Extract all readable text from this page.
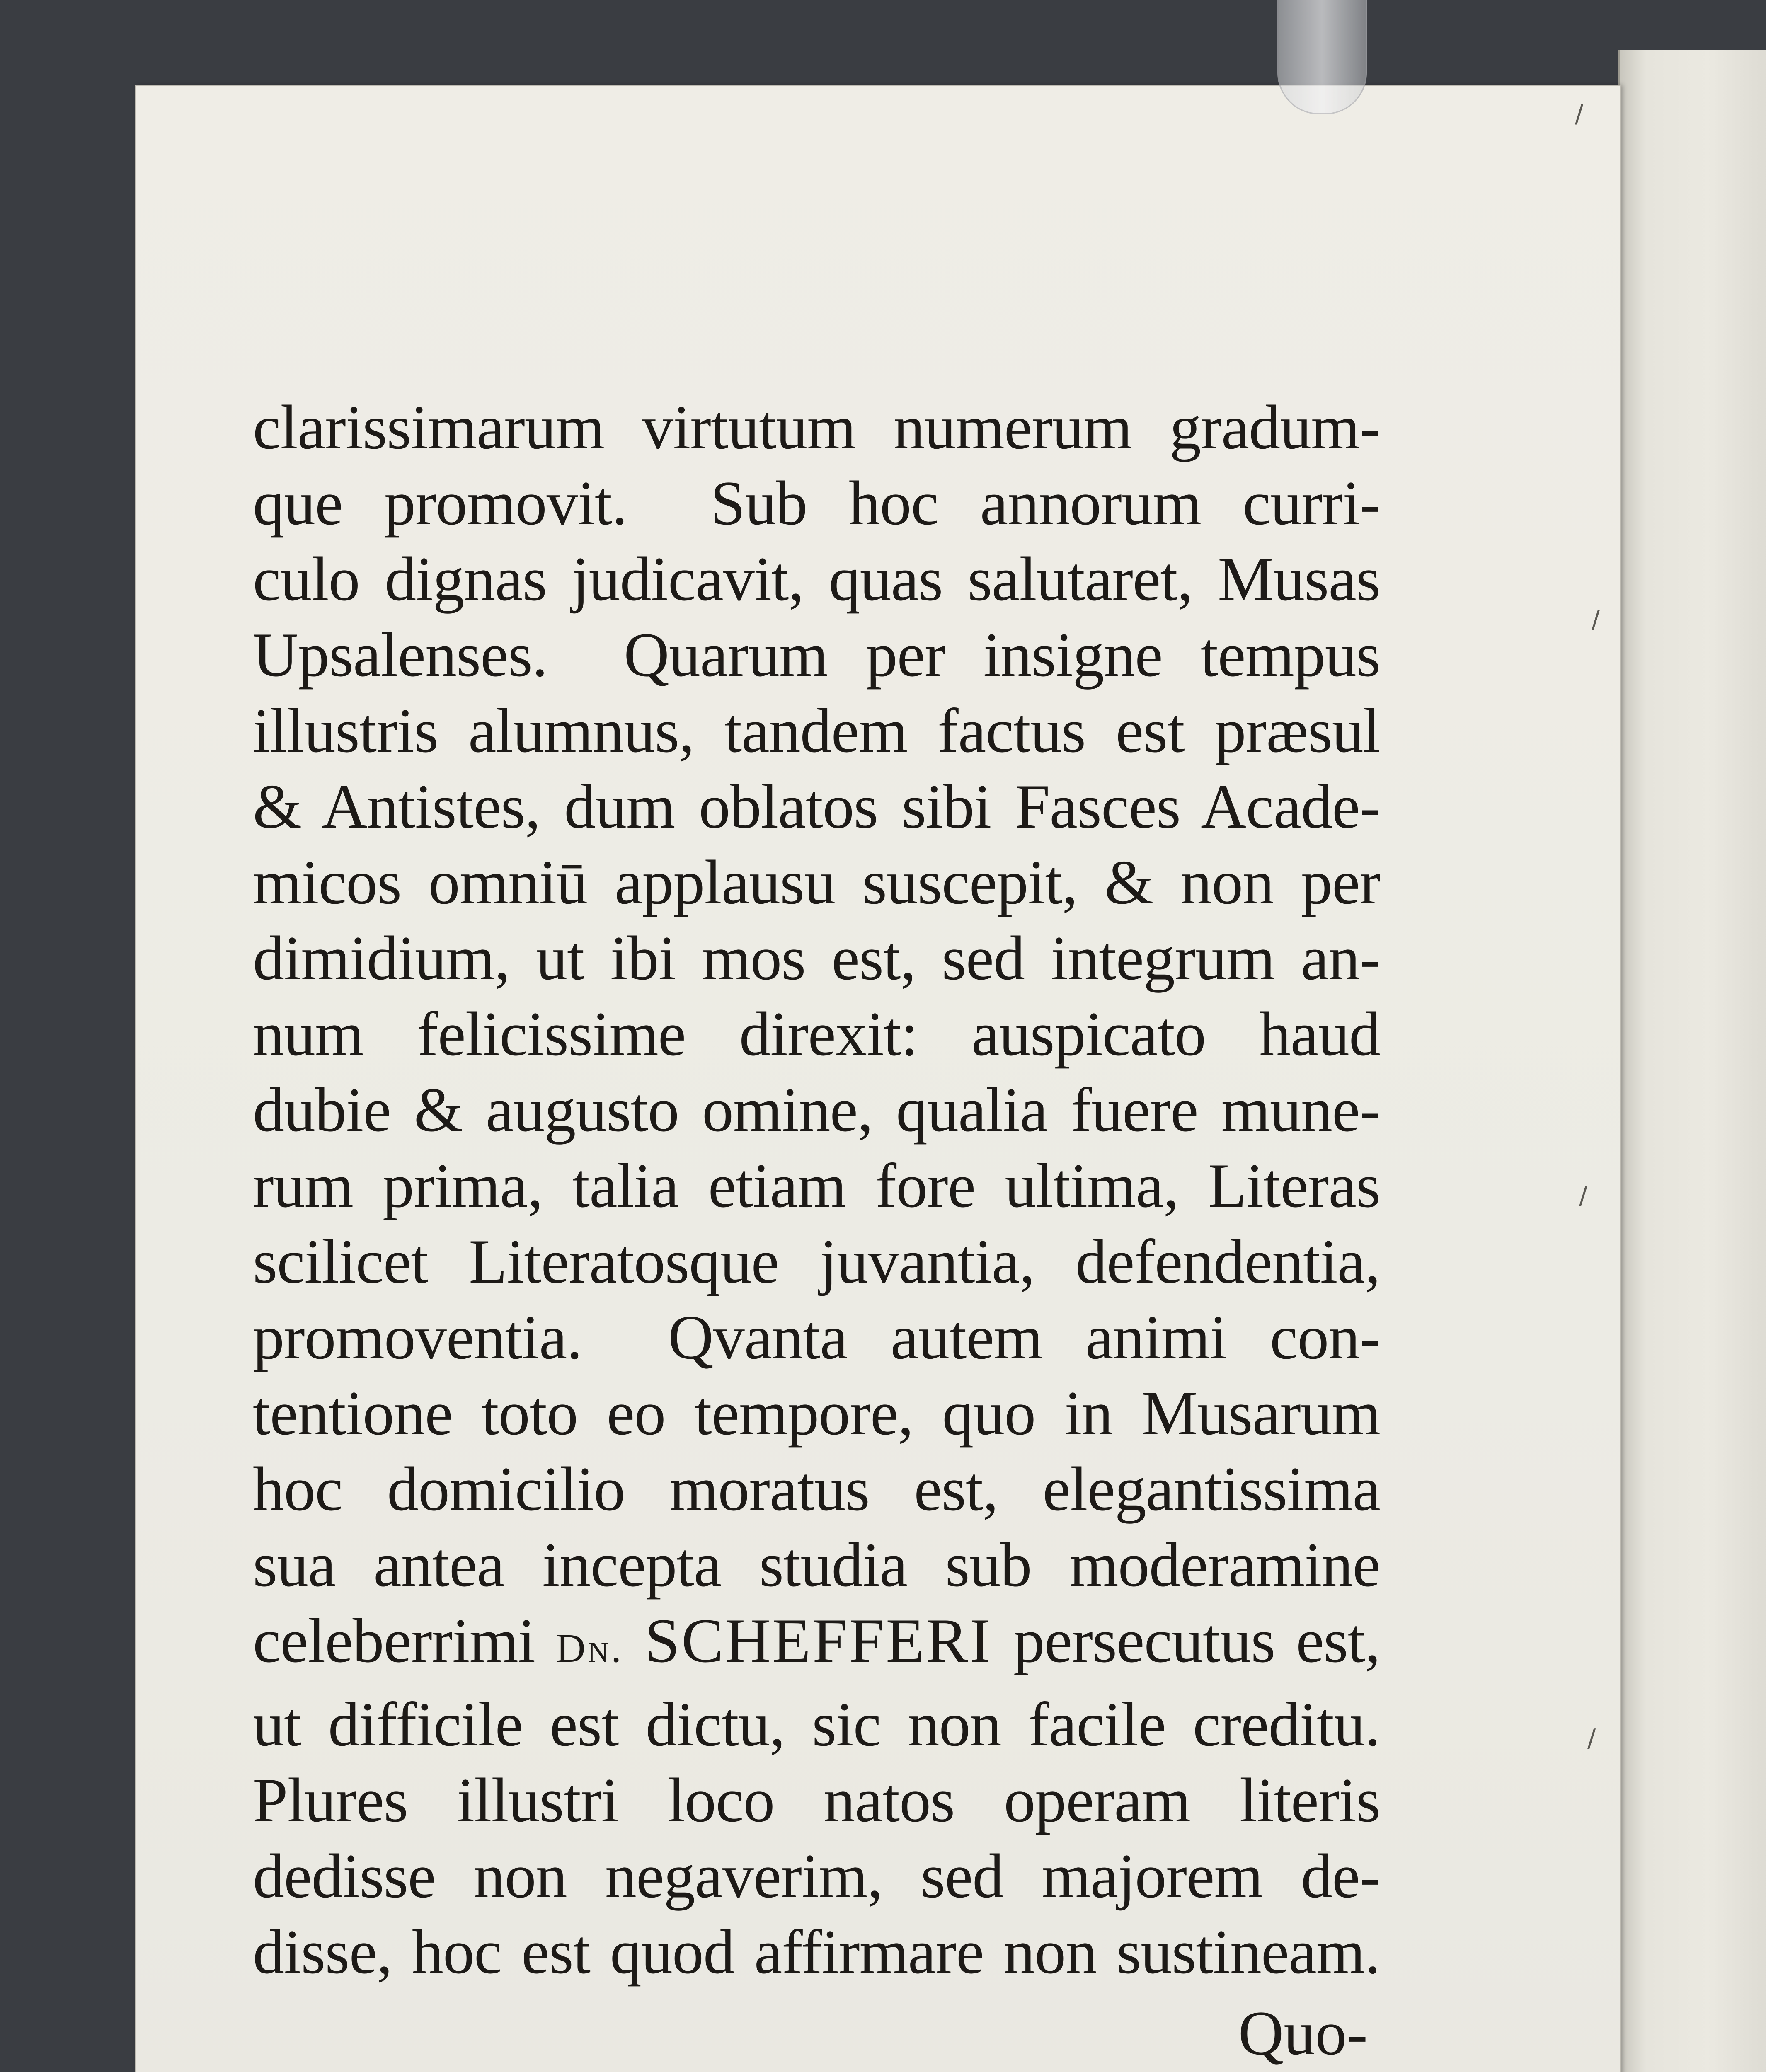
clarissimarum virtutum numerum gradum-
que promovit.  Sub hoc annorum curri-
culo dignas judicavit, quas salutaret, Musas
Upsalenses.  Quarum per insigne tempus
illustris alumnus, tandem factus est præsul
& Antistes, dum oblatos sibi Fasces Acade-
micos omniū applausu suscepit, & non per
dimidium, ut ibi mos est, sed integrum an-
num felicissime direxit: auspicato haud
dubie & augusto omine, qualia fuere mune-
rum prima, talia etiam fore ultima, Literas
scilicet Literatosque juvantia, defendentia,
promoventia.  Qvanta autem animi con-
tentione toto eo tempore, quo in Musarum
hoc domicilio moratus est, elegantissima
sua antea incepta studia sub moderamine
celeberrimi Dn. SCHEFFERI persecutus est,
ut difficile est dictu, sic non facile creditu.
Plures illustri loco natos operam literis
dedisse non negaverim, sed majorem de-
disse, hoc est quod affirmare non sustineam.
Quo-
/
/
/
/
